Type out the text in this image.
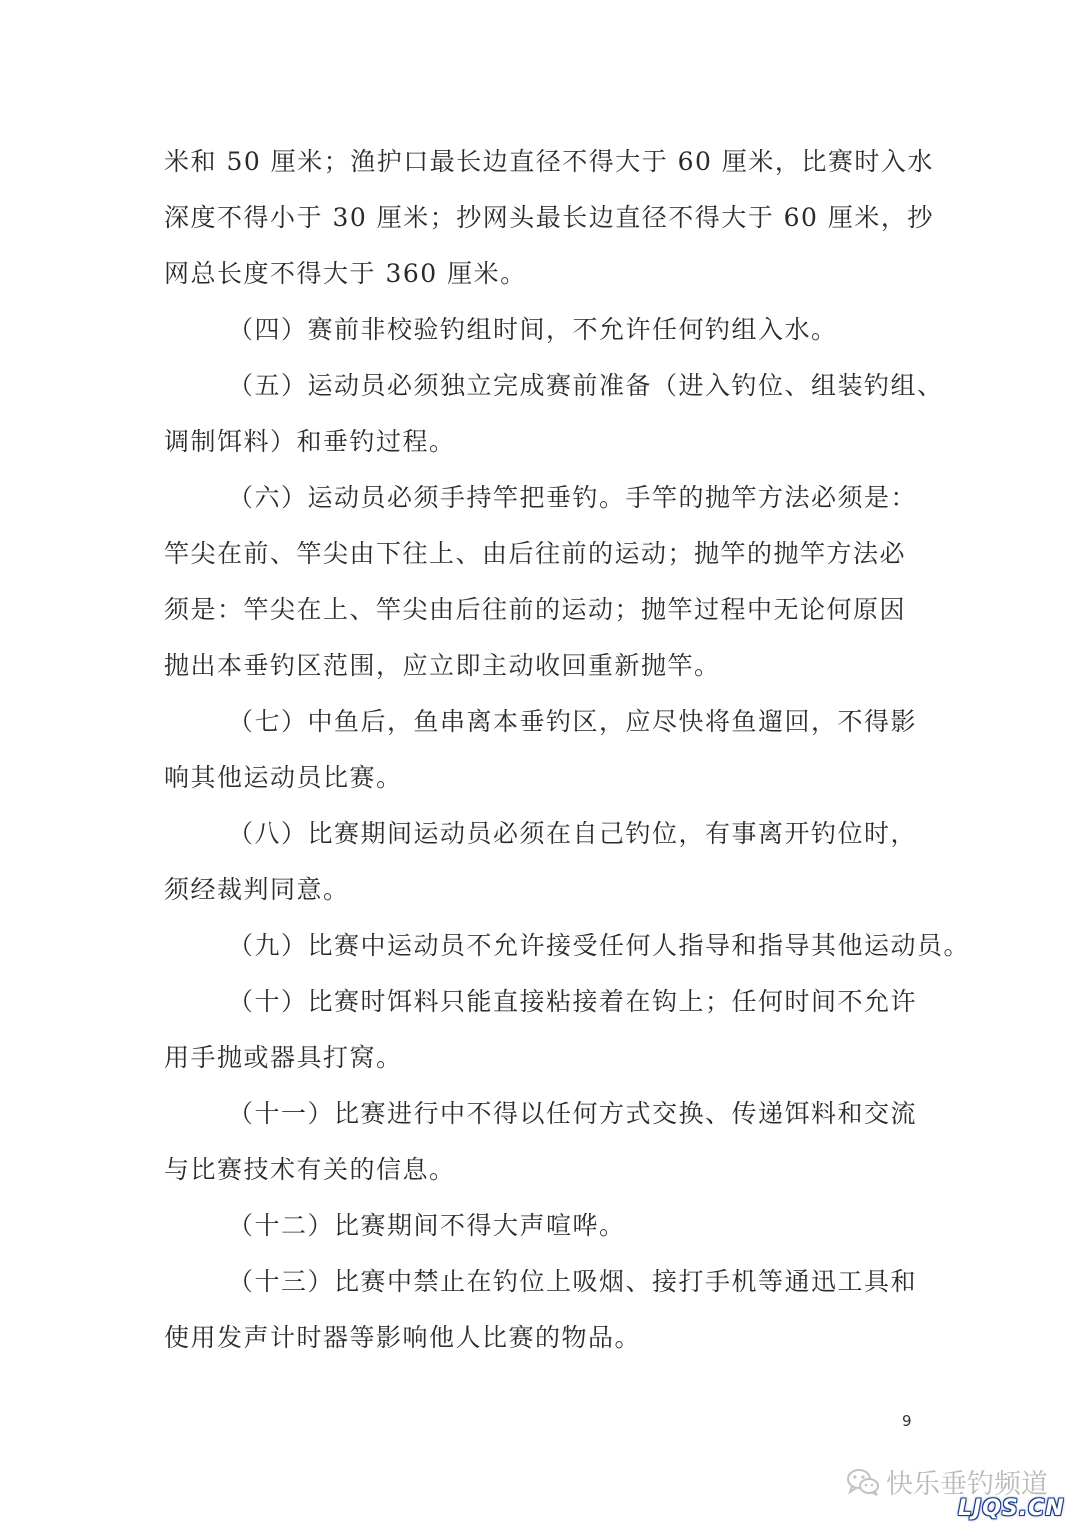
米和 50 厘米；渔护口最长边直径不得大于 60 厘米，比赛时入水
深度不得小于 30 厘米；抄网头最长边直径不得大于 60 厘米，抄
网总长度不得大于 360 厘米。
（四）赛前非校验钓组时间，不允许任何钓组入水。
（五）运动员必须独立完成赛前准备（进入钓位、组装钓组、
调制饵料）和垂钓过程。
（六）运动员必须手持竿把垂钓。手竿的抛竿方法必须是：
竿尖在前、竿尖由下往上、由后往前的运动；抛竿的抛竿方法必
须是：竿尖在上、竿尖由后往前的运动；抛竿过程中无论何原因
抛出本垂钓区范围，应立即主动收回重新抛竿。
（七）中鱼后，鱼串离本垂钓区，应尽快将鱼遛回，不得影
响其他运动员比赛。
（八）比赛期间运动员必须在自己钓位，有事离开钓位时，
须经裁判同意。
（九）比赛中运动员不允许接受任何人指导和指导其他运动员。
（十）比赛时饵料只能直接粘接着在钩上；任何时间不允许
用手抛或器具打窝。
（十一）比赛进行中不得以任何方式交换、传递饵料和交流
与比赛技术有关的信息。
（十二）比赛期间不得大声喧哗。
（十三）比赛中禁止在钓位上吸烟、接打手机等通迅工具和
使用发声计时器等影响他人比赛的物品。
9
快乐垂钓频道
LJQS.CN
